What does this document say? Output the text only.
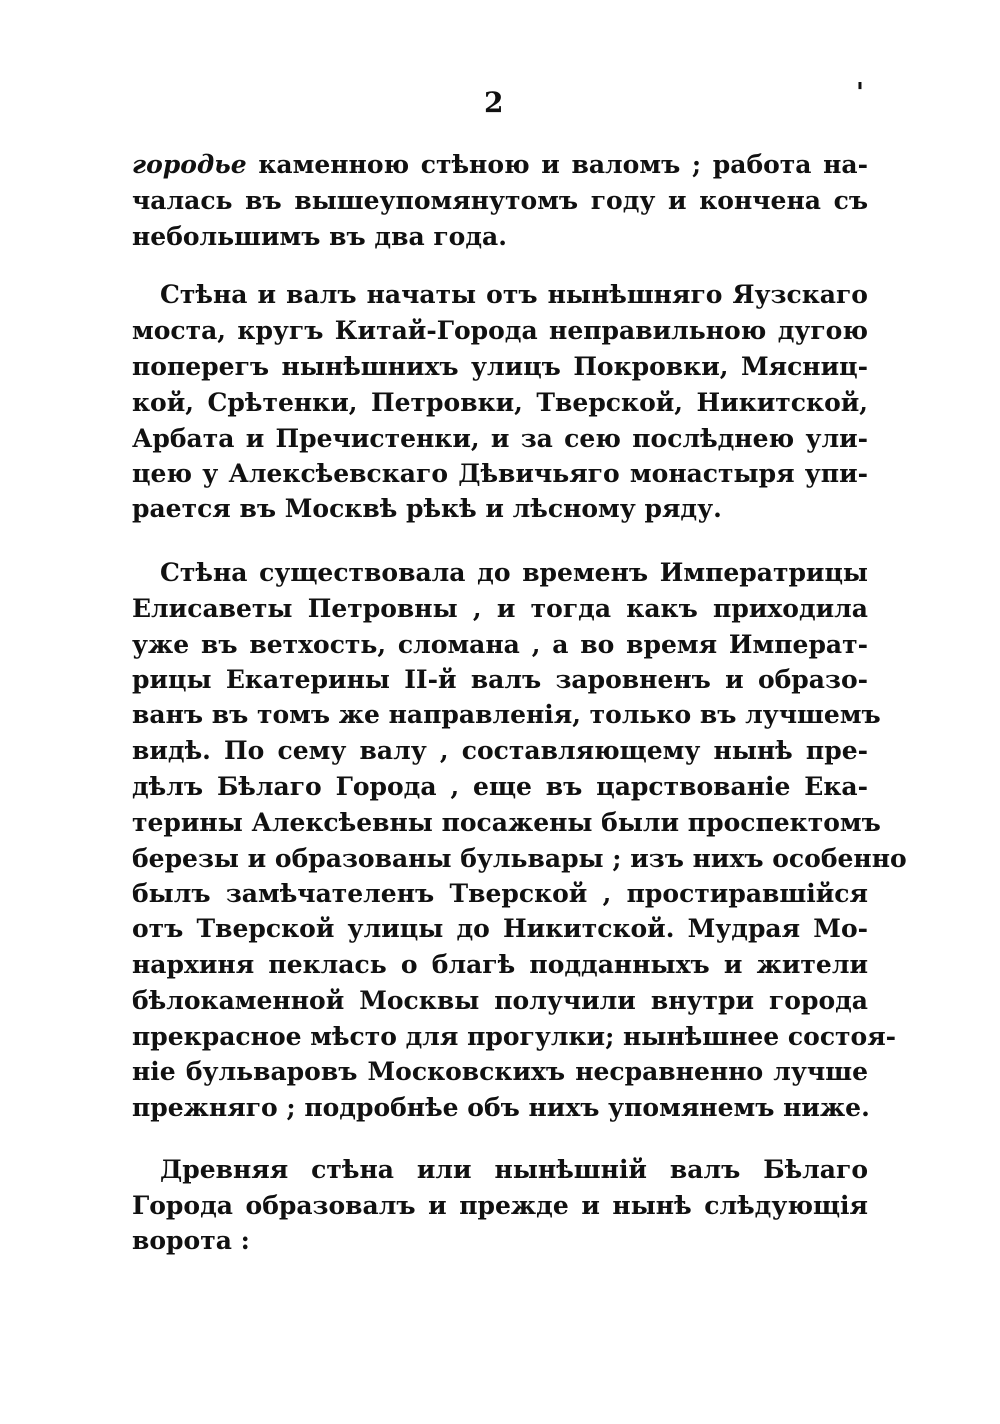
2	'
городье каменною стѣною и валомъ ; работа на-
чалась въ вышеупомянутомъ году и кончена съ
небольшимъ въ два года.
Стѣна и валъ начаты отъ нынѣшняго Яузскаго
моста, кругъ Китай-Города неправильною дугою
поперегъ нынѣшнихъ улицъ Покровки, Мясниц-
кой, Срѣтенки, Петровки, Тверской, Никитской,
Арбата и Пречистенки, и за сею послѣднею ули-
цею у Алексѣевскаго Дѣвичьяго монастыря упи-
рается въ Москвѣ рѣкѣ и лѣсному ряду.
Стѣна существовала до временъ Императрицы
Елисаветы Петровны , и тогда какъ приходила
уже въ ветхость, сломана , а во время Императ-
рицы Екатерины II-й валъ заровненъ и образо-
ванъ въ томъ же направленія, только въ лучшемъ
видѣ. По сему валу , составляющему нынѣ пре-
дѣлъ Бѣлаго Города , еще въ царствованіе Ека-
терины Алексѣевны посажены были проспектомъ
березы и образованы бульвары ; изъ нихъ особенно
былъ замѣчателенъ Тверской , простиравшійся
отъ Тверской улицы до Никитской. Мудрая Мо-
нархиня пеклась о благѣ подданныхъ и жители
бѣлокаменной Москвы получили внутри города
прекрасное мѣсто для прогулки; нынѣшнее состоя-
ніе бульваровъ Московскихъ несравненно лучше
прежняго ; подробнѣе объ нихъ упомянемъ ниже.
Древняя стѣна или нынѣшній валъ Бѣлаго
Города образовалъ и прежде и нынѣ слѣдующія
ворота :
